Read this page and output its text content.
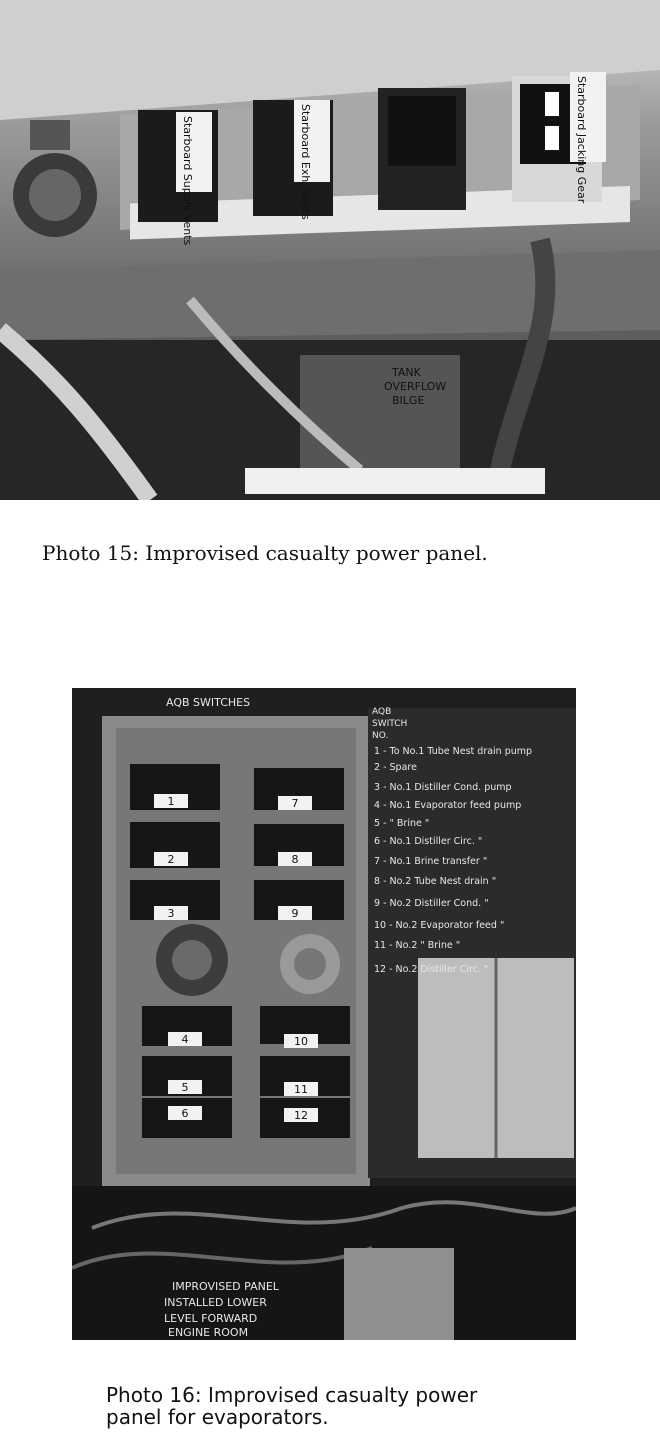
Starboard Supply Vents	Starboard Exh. Vents	Starboard Jacking Gear
TANK
OVERFLOW
BILGE

Photo 15: Improvised casualty power panel.

1
2
3
4
5
6
7
8
9
10
11
12
AQB SWITCHES
AQB
SWITCH
NO.
1 - To No.1 Tube Nest drain pump
2 - Spare
3 - No.1 Distiller Cond. pump
4 - No.1 Evaporator feed pump
5 - " Brine "
6 - No.1 Distiller Circ. "
7 - No.1 Brine transfer "
8 - No.2 Tube Nest drain "
9 - No.2 Distiller Cond. "
10 - No.2 Evaporator feed "
11 - No.2 " Brine "
12 - No.2 Distiller Circ. "
IMPROVISED PANEL
INSTALLED LOWER
LEVEL FORWARD
ENGINE ROOM

Photo 16: Improvised casualty power
panel for evaporators.
